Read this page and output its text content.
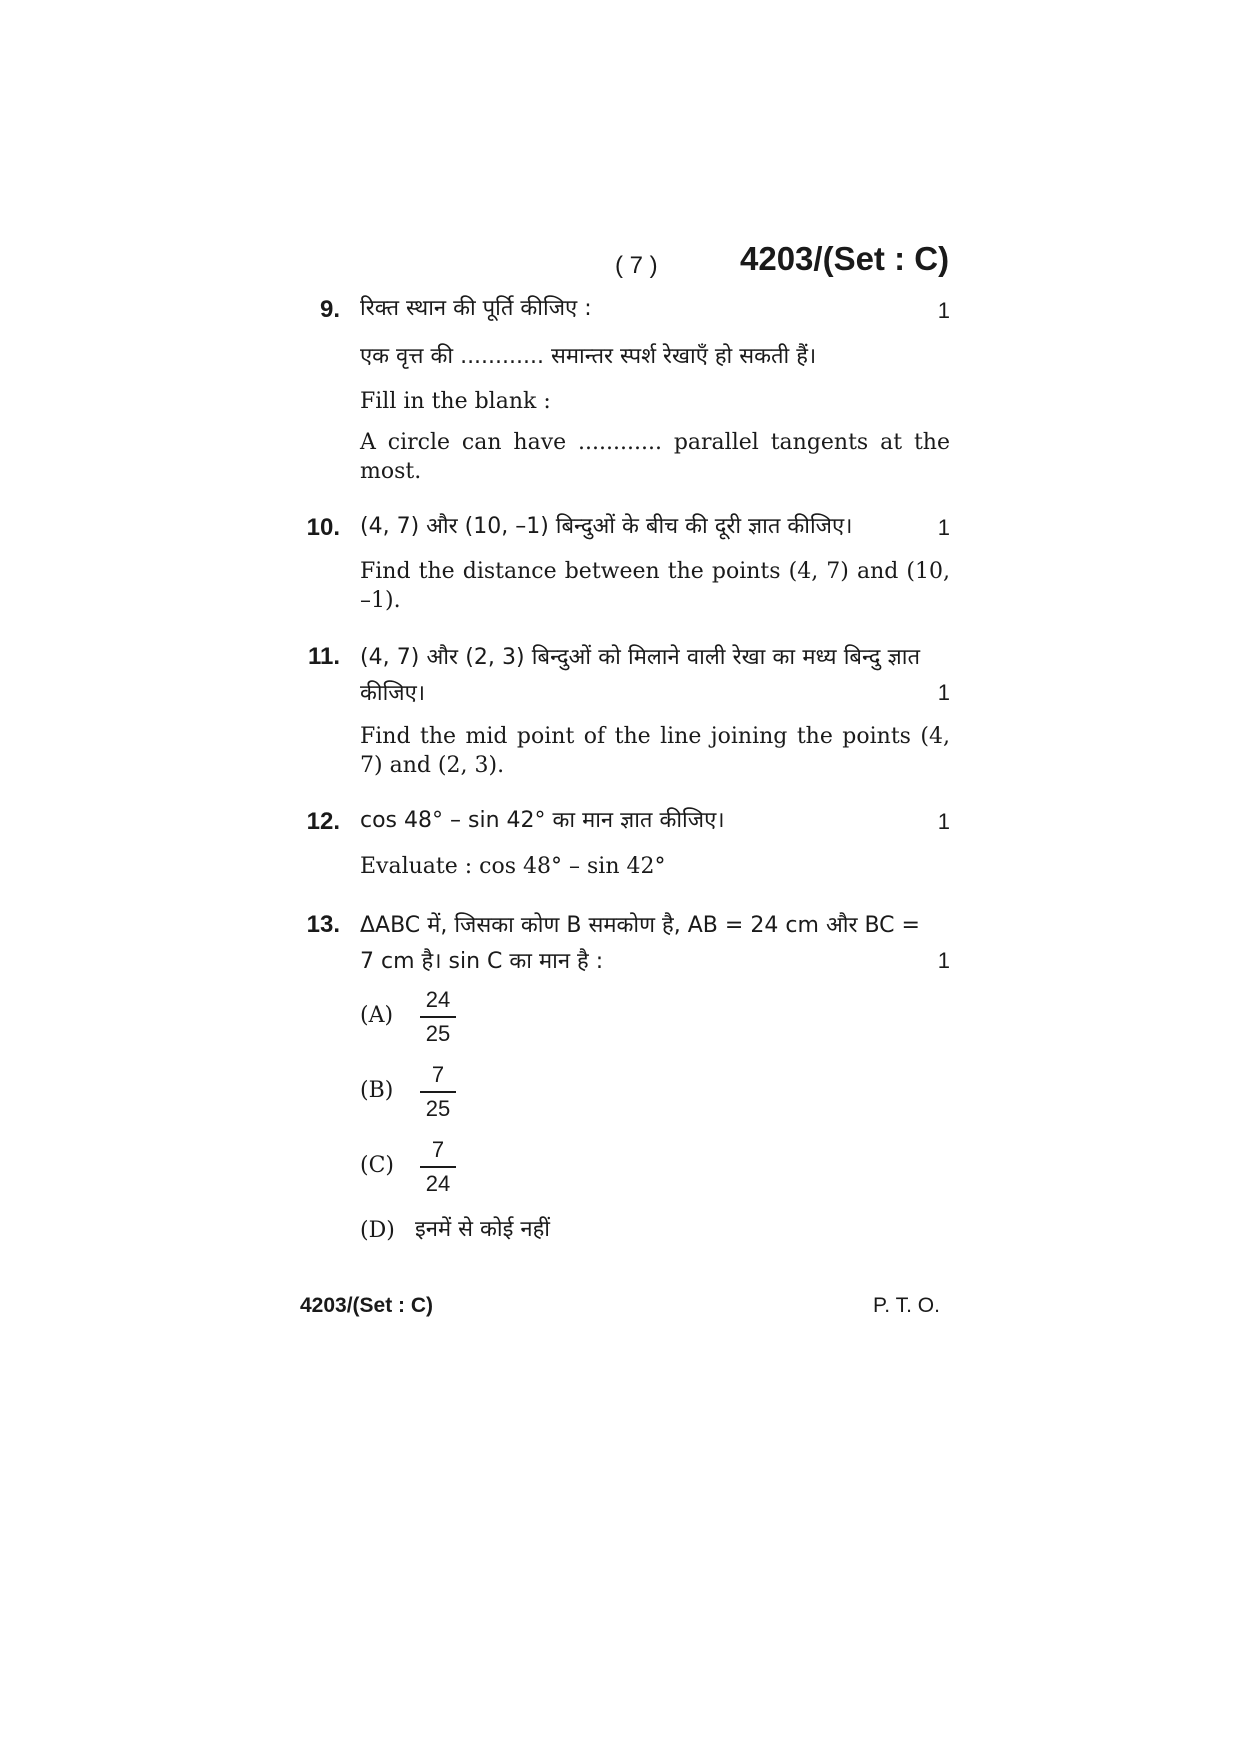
( 7 ) 4203/(Set : C)
9. रिक्त स्थान की पूर्ति कीजिए :	1
एक वृत्त की ............ समान्तर स्पर्श रेखाएँ हो सकती हैं।
Fill in the blank :
A circle can have ............ parallel tangents at the most.
10. (4, 7) और (10, –1) बिन्दुओं के बीच की दूरी ज्ञात कीजिए।	1
Find the distance between the points (4, 7) and (10, –1).
11. (4, 7) और (2, 3) बिन्दुओं को मिलाने वाली रेखा का मध्य बिन्दु ज्ञात कीजिए।	1
Find the mid point of the line joining the points (4, 7) and (2, 3).
12. cos 48° – sin 42° का मान ज्ञात कीजिए।	1
Evaluate : cos 48° – sin 42°
13. ΔABC में, जिसका कोण B समकोण है, AB = 24 cm और BC = 7 cm है। sin C का मान है :	1
(A)
24
25
(B)
7
25
(C)
7
24
(D) इनमें से कोई नहीं
4203/(Set : C)	P. T. O.
